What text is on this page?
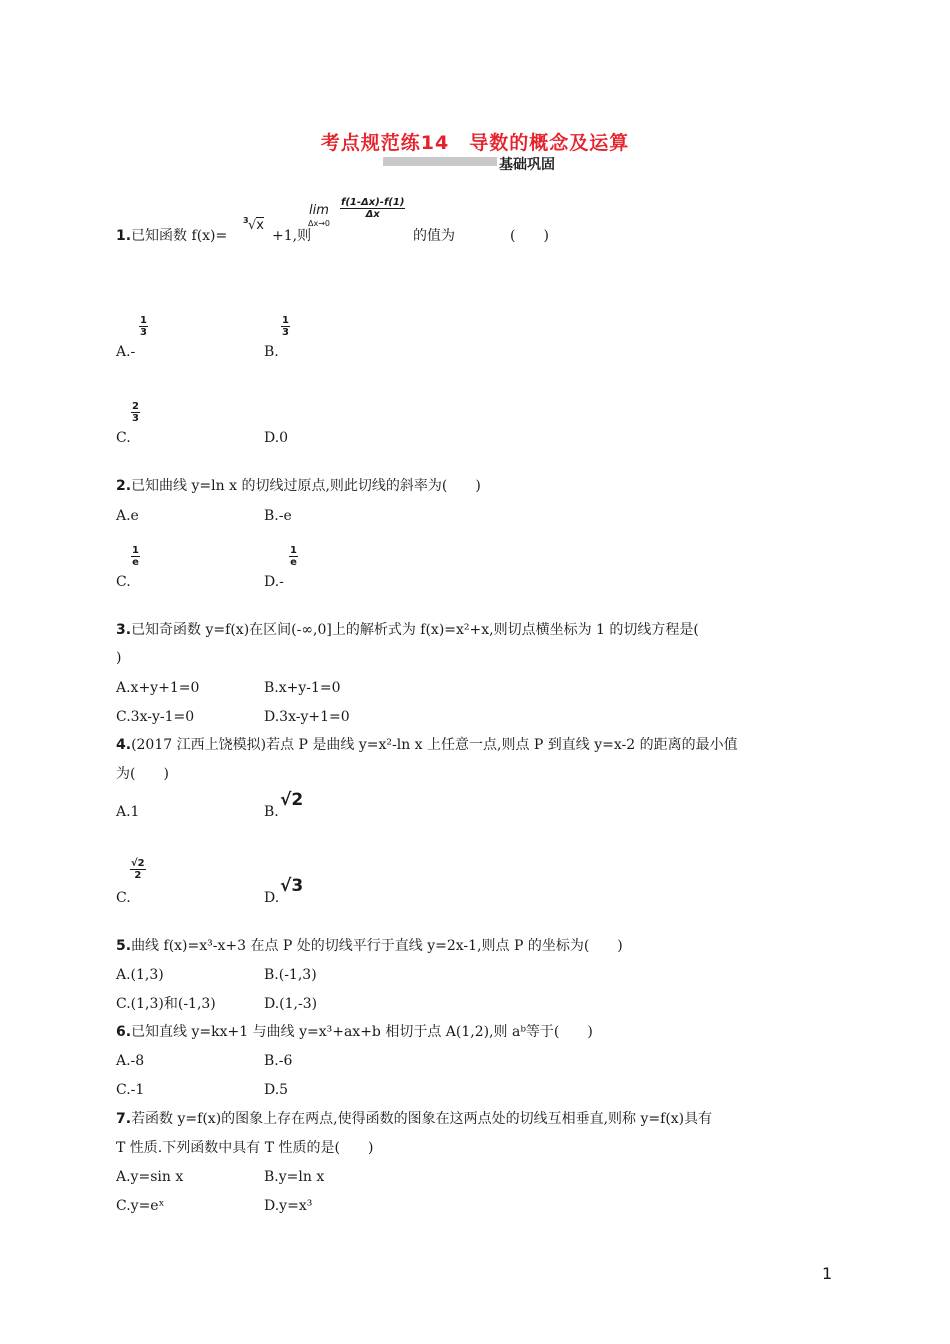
考点规范练14　导数的概念及运算
基础巩固
1.已知函数 f(x)=
3 √x
+1,则
lim
Δx→0
$\frac{f(1-\Delta x)-f(1)}{\Delta x}$
的值为	(　　)
A.-
$\frac{1}{3}$
B.
$\frac{1}{3}$
C.
$\frac{2}{3}$
D.0
2.已知曲线 y=ln x 的切线过原点,则此切线的斜率为(　　)
A.e	B.-e
C.
$\frac{1}{e}$
D.-
$\frac{1}{e}$
3.已知奇函数 y=f(x)在区间(-∞,0]上的解析式为 f(x)=x²+x,则切点横坐标为 1 的切线方程是(
)
A.x+y+1=0	B.x+y-1=0
C.3x-y-1=0	D.3x-y+1=0
4.(2017 江西上饶模拟)若点 P 是曲线 y=x²-ln x 上任意一点,则点 P 到直线 y=x-2 的距离的最小值
为(　　)
A.1	B.
√2
C.
$\frac{√2}{2}$
D.
√3
5.曲线 f(x)=x³-x+3 在点 P 处的切线平行于直线 y=2x-1,则点 P 的坐标为(　　)
A.(1,3)	B.(-1,3)
C.(1,3)和(-1,3)	D.(1,-3)
6.已知直线 y=kx+1 与曲线 y=x³+ax+b 相切于点 A(1,2),则 aᵇ等于(　　)
A.-8	B.-6
C.-1	D.5
7.若函数 y=f(x)的图象上存在两点,使得函数的图象在这两点处的切线互相垂直,则称 y=f(x)具有
T 性质.下列函数中具有 T 性质的是(　　)
A.y=sin x	B.y=ln x
C.y=eˣ	D.y=x³
1
